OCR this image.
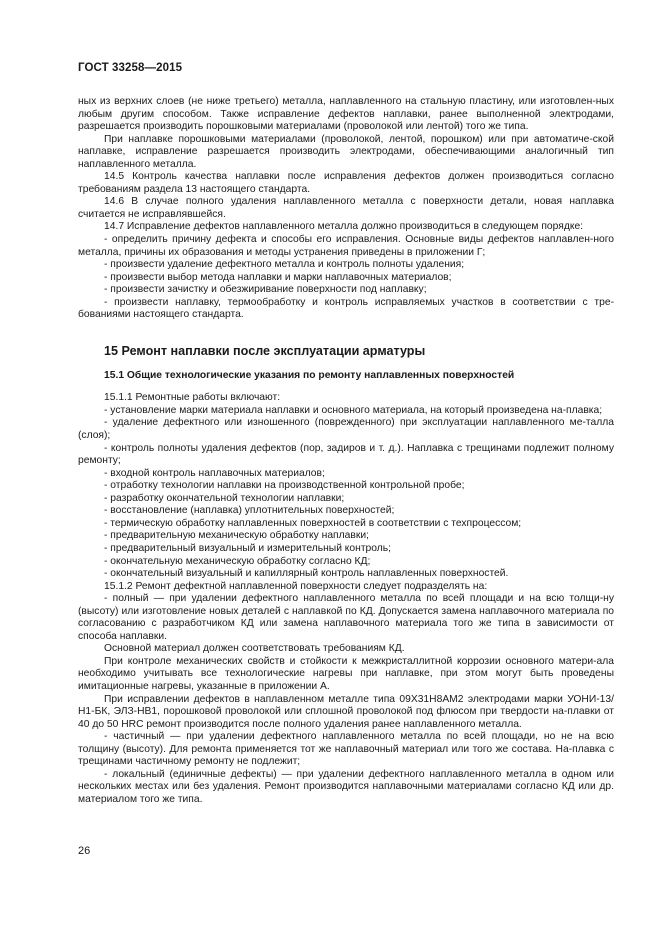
ГОСТ 33258—2015

ных из верхних слоев (не ниже третьего) металла, наплавленного на стальную пластину, или изготовлен-ных любым другим способом. Также исправление дефектов наплавки, ранее выполненной электродами, разрешается производить порошковыми материалами (проволокой или лентой) того же типа.

При наплавке порошковыми материалами (проволокой, лентой, порошком) или при автоматиче-ской наплавке, исправление разрешается производить электродами, обеспечивающими аналогичный тип наплавленного металла.

14.5 Контроль качества наплавки после исправления дефектов должен производиться согласно требованиям раздела 13 настоящего стандарта.

14.6 В случае полного удаления наплавленного металла с поверхности детали, новая наплавка считается не исправлявшейся.

14.7 Исправление дефектов наплавленного металла должно производиться в следующем порядке:

- определить причину дефекта и способы его исправления. Основные виды дефектов наплавлен-ного металла, причины их образования и методы устранения приведены в приложении Г;

- произвести удаление дефектного металла и контроль полноты удаления;

- произвести выбор метода наплавки и марки наплавочных материалов;

- произвести зачистку и обезжиривание поверхности под наплавку;

- произвести наплавку, термообработку и контроль исправляемых участков в соответствии с тре-бованиями настоящего стандарта.

15 Ремонт наплавки после эксплуатации арматуры
15.1 Общие технологические указания по ремонту наплавленных поверхностей

15.1.1 Ремонтные работы включают:

- установление марки материала наплавки и основного материала, на который произведена на-плавка;

- удаление дефектного или изношенного (поврежденного) при эксплуатации наплавленного ме-талла (слоя);

- контроль полноты удаления дефектов (пор, задиров и т. д.). Наплавка с трещинами подлежит полному ремонту;

- входной контроль наплавочных материалов;

- отработку технологии наплавки на производственной контрольной пробе;

- разработку окончательной технологии наплавки;

- восстановление (наплавка) уплотнительных поверхностей;

- термическую обработку наплавленных поверхностей в соответствии с техпроцессом;

- предварительную механическую обработку наплавки;

- предварительный визуальный и измерительный контроль;

- окончательную механическую обработку согласно КД;

- окончательный визуальный и капиллярный контроль наплавленных поверхностей.

15.1.2 Ремонт дефектной наплавленной поверхности следует подразделять на:

- полный — при удалении дефектного наплавленного металла по всей площади и на всю толщи-ну (высоту) или изготовление новых деталей с наплавкой по КД. Допускается замена наплавочного материала по согласованию с разработчиком КД или замена наплавочного материала того же типа в зависимости от способа наплавки.

Основной материал должен соответствовать требованиям КД.

При контроле механических свойств и стойкости к межкристаллитной коррозии основного матери-ала необходимо учитывать все технологические нагревы при наплавке, при этом могут быть проведены имитационные нагревы, указанные в приложении А.

При исправлении дефектов в наплавленном металле типа 09Х31Н8АМ2 электродами марки УОНИ-13/Н1-БК, ЭЛЗ-НВ1, порошковой проволокой или сплошной проволокой под флюсом при твердости на-плавки от 40 до 50 HRC ремонт производится после полного удаления ранее наплавленного металла.

- частичный — при удалении дефектного наплавленного металла по всей площади, но не на всю толщину (высоту). Для ремонта применяется тот же наплавочный материал или того же состава. На-плавка с трещинами частичному ремонту не подлежит;

- локальный (единичные дефекты) — при удалении дефектного наплавленного металла в одном или нескольких местах или без удаления. Ремонт производится наплавочными материалами согласно КД или др. материалом того же типа.

26
